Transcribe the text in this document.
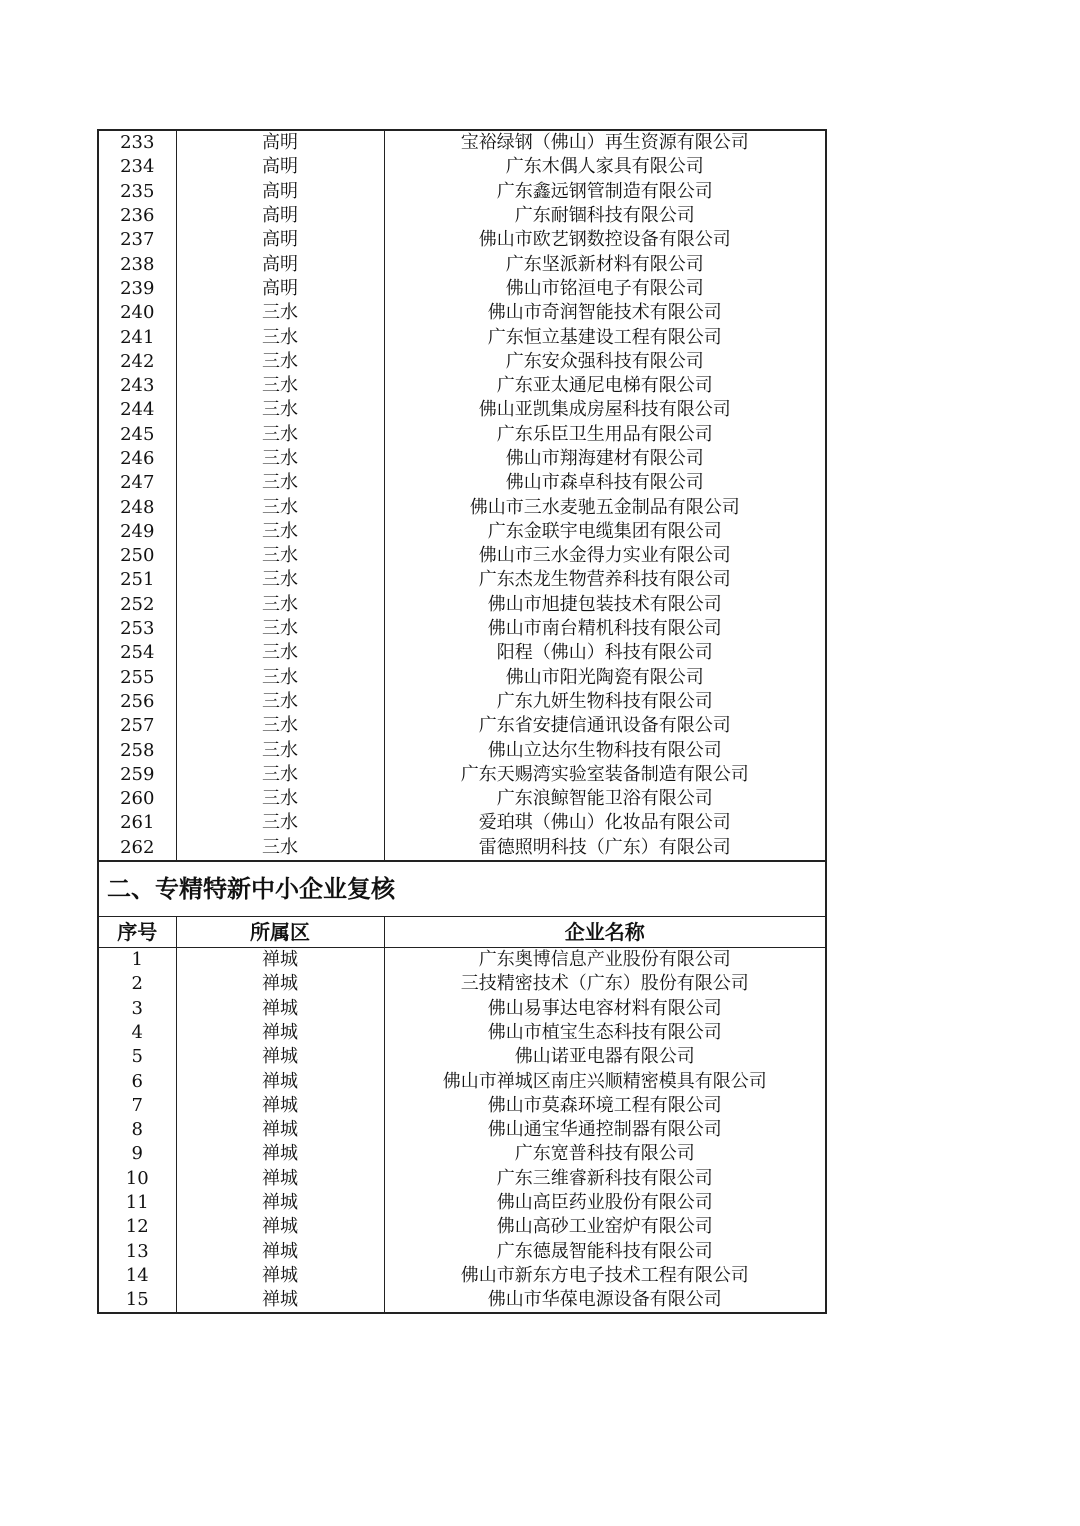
233	高明	宝裕绿钢（佛山）再生资源有限公司
234	高明	广东木偶人家具有限公司
235	高明	广东鑫远钢管制造有限公司
236	高明	广东耐锢科技有限公司
237	高明	佛山市欧艺钢数控设备有限公司
238	高明	广东坚派新材料有限公司
239	高明	佛山市铭洹电子有限公司
240	三水	佛山市奇润智能技术有限公司
241	三水	广东恒立基建设工程有限公司
242	三水	广东安众强科技有限公司
243	三水	广东亚太通尼电梯有限公司
244	三水	佛山亚凯集成房屋科技有限公司
245	三水	广东乐臣卫生用品有限公司
246	三水	佛山市翔海建材有限公司
247	三水	佛山市森卓科技有限公司
248	三水	佛山市三水麦驰五金制品有限公司
249	三水	广东金联宇电缆集团有限公司
250	三水	佛山市三水金得力实业有限公司
251	三水	广东杰龙生物营养科技有限公司
252	三水	佛山市旭捷包装技术有限公司
253	三水	佛山市南台精机科技有限公司
254	三水	阳程（佛山）科技有限公司
255	三水	佛山市阳光陶瓷有限公司
256	三水	广东九妍生物科技有限公司
257	三水	广东省安捷信通讯设备有限公司
258	三水	佛山立达尔生物科技有限公司
259	三水	广东天赐湾实验室装备制造有限公司
260	三水	广东浪鲸智能卫浴有限公司
261	三水	爱珀琪（佛山）化妆品有限公司
262	三水	雷德照明科技（广东）有限公司
二、专精特新中小企业复核		
序号	所属区	企业名称
1	禅城	广东奥博信息产业股份有限公司
2	禅城	三技精密技术（广东）股份有限公司
3	禅城	佛山易事达电容材料有限公司
4	禅城	佛山市植宝生态科技有限公司
5	禅城	佛山诺亚电器有限公司
6	禅城	佛山市禅城区南庄兴顺精密模具有限公司
7	禅城	佛山市莫森环境工程有限公司
8	禅城	佛山通宝华通控制器有限公司
9	禅城	广东宽普科技有限公司
10	禅城	广东三维睿新科技有限公司
11	禅城	佛山高臣药业股份有限公司
12	禅城	佛山高砂工业窑炉有限公司
13	禅城	广东德晟智能科技有限公司
14	禅城	佛山市新东方电子技术工程有限公司
15	禅城	佛山市华葆电源设备有限公司
